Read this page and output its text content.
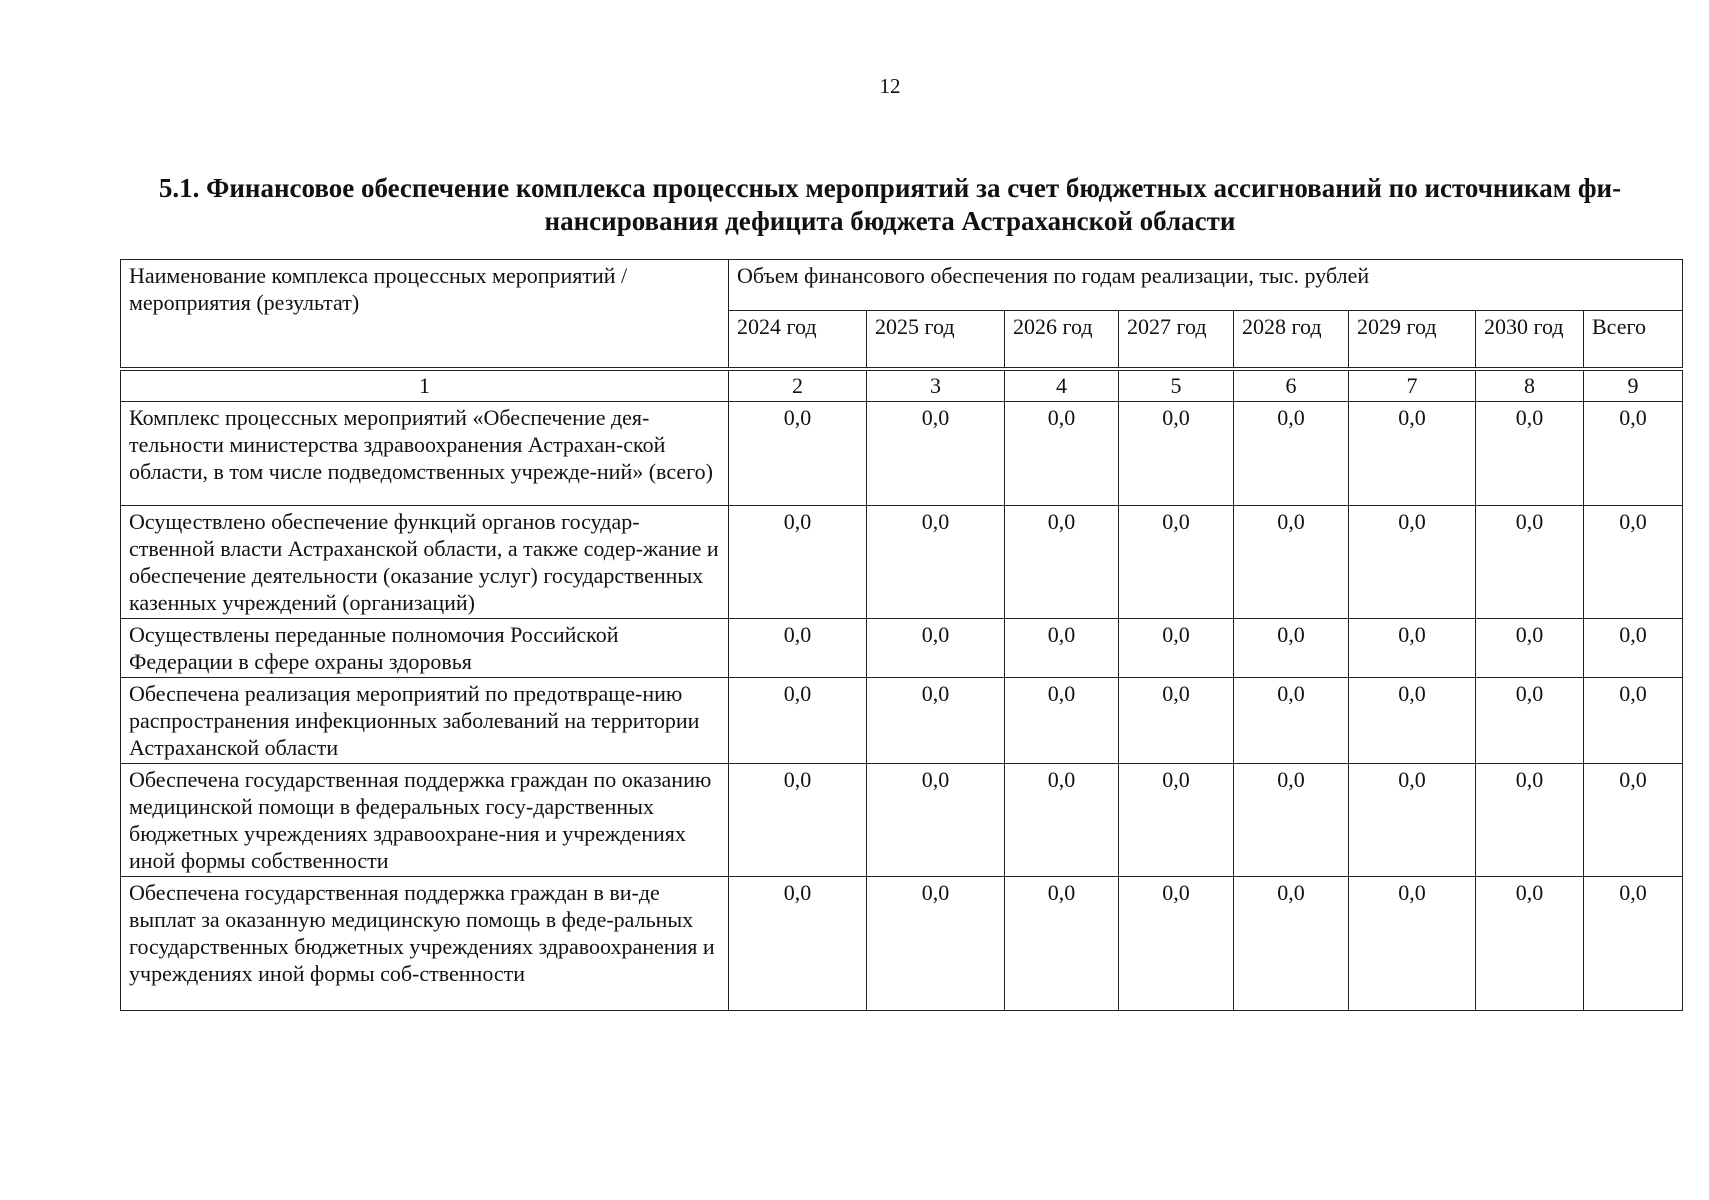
12
5.1. Финансовое обеспечение комплекса процессных мероприятий за счет бюджетных ассигнований по источникам фи-
нансирования дефицита бюджета Астраханской области
Наименование комплекса процессных мероприятий / мероприятия (результат)	Объем финансового обеспечения по годам реализации, тыс. рублей							
	2024 год	2025 год	2026 год	2027 год	2028 год	2029 год	2030 год	Всего
1	2	3	4	5	6	7	8	9
Комплекс процессных мероприятий «Обеспечение дея-тельности министерства здравоохранения Астрахан-ской области, в том числе подведомственных учрежде-ний» (всего)	0,0	0,0	0,0	0,0	0,0	0,0	0,0	0,0
Осуществлено обеспечение функций органов государ-ственной власти Астраханской области, а также содер-жание и обеспечение деятельности (оказание услуг) государственных казенных учреждений (организаций)	0,0	0,0	0,0	0,0	0,0	0,0	0,0	0,0
Осуществлены переданные полномочия Российской Федерации в сфере охраны здоровья	0,0	0,0	0,0	0,0	0,0	0,0	0,0	0,0
Обеспечена реализация мероприятий по предотвраще-нию распространения инфекционных заболеваний на территории Астраханской области	0,0	0,0	0,0	0,0	0,0	0,0	0,0	0,0
Обеспечена государственная поддержка граждан по оказанию медицинской помощи в федеральных госу-дарственных бюджетных учреждениях здравоохране-ния и учреждениях иной формы собственности	0,0	0,0	0,0	0,0	0,0	0,0	0,0	0,0
Обеспечена государственная поддержка граждан в ви-де выплат за оказанную медицинскую помощь в феде-ральных государственных бюджетных учреждениях здравоохранения и учреждениях иной формы соб-ственности	0,0	0,0	0,0	0,0	0,0	0,0	0,0	0,0
